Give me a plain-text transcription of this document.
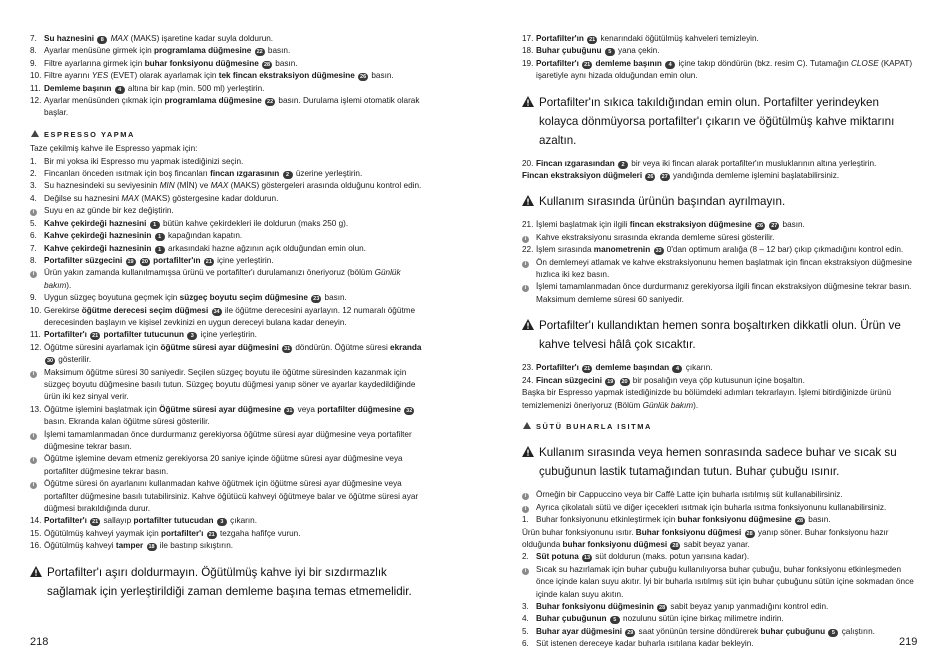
7. Su haznesini 8 MAX (MAKS) işaretine kadar suyla doldurun.
8. Ayarlar menüsüne girmek için programlama düğmesine 22 basın.
9. Filtre ayarlarına girmek için buhar fonksiyonu düğmesine 28 basın.
10. Filtre ayarını YES (EVET) olarak ayarlamak için tek fincan ekstraksiyon düğmesine 26 basın.
11. Demleme başının 4 altına bir kap (min. 500 ml) yerleştirin.
12. Ayarlar menüsünden çıkmak için programlama düğmesine 22 basın. Durulama işlemi otomatik olarak başlar.
ESPRESSO YAPMA
Taze çekilmiş kahve ile Espresso yapmak için:
1. Bir mi yoksa iki Espresso mu yapmak istediğinizi seçin.
2. Fincanları önceden ısıtmak için boş fincanları fincan ızgarasının 2 üzerine yerleştirin.
3. Su haznesindeki su seviyesinin MIN (MİN) ve MAX (MAKS) göstergeleri arasında olduğunu kontrol edin.
4. Değilse su haznesini MAX (MAKS) göstergesine kadar doldurun.
i	Suyu en az günde bir kez değiştirin.
5. Kahve çekirdeği haznesini 1 bütün kahve çekirdekleri ile doldurun (maks 250 g).
6. Kahve çekirdeği haznesinin 1 kapağından kapatın.
7. Kahve çekirdeği haznesinin 1 arkasındaki hazne ağzının açık olduğundan emin olun.
8. Portafilter süzgecini 19 20 portafilter'ın 21 içine yerleştirin.
i	Ürün yakın zamanda kullanılmamışsa ürünü ve portafilter'ı durulamanızı öneriyoruz (bölüm Günlük bakım).
9. Uygun süzgeç boyutuna geçmek için süzgeç boyutu seçim düğmesine 23 basın.
10. Gerekirse öğütme derecesi seçim düğmesi 34 ile öğütme derecesini ayarlayın. 12 numaralı öğütme derecesinden başlayın ve kişisel zevkinizi en uygun dereceyi bulana kadar deneyin.
11. Portafilter'ı 21 portafilter tutucunun 3 içine yerleştirin.
12. Öğütme süresini ayarlamak için öğütme süresi ayar düğmesini 31 döndürün. Öğütme süresi ekranda 30 gösterilir.
i	Maksimum öğütme süresi 30 saniyedir. Seçilen süzgeç boyutu ile öğütme süresinden kazanmak için süzgeç boyutu düğmesine basılı tutun. Süzgeç boyutu düğmesi yanıp söner ve ayarlar kaydedildiğinde ürün iki kez sinyal verir.
13. Öğütme işlemini başlatmak için Öğütme süresi ayar düğmesine 31 veya portafilter düğmesine 32 basın. Ekranda kalan öğütme süresi gösterilir.
i	İşlemi tamamlanmadan önce durdurmanız gerekiyorsa öğütme süresi ayar düğmesine veya portafilter düğmesine tekrar basın.
i	Öğütme işlemine devam etmeniz gerekiyorsa 20 saniye içinde öğütme süresi ayar düğmesine veya portafilter düğmesine tekrar basın.
i	Öğütme süresi ön ayarlanını kullanmadan kahve öğütmek için öğütme süresi ayar düğmesine veya portafilter düğmesine basılı tutabilirsiniz. Kahve öğütücü kahveyi öğütmeye balar ve öğütme süresi ayar düğmesi bırakıldığında durur.
14. Portafilter'ı 21 sallayıp portafilter tutucudan 3 çıkarın.
15. Öğütülmüş kahveyi yaymak için portafilter'ı 21 tezgaha hafifçe vurun.
16. Öğütülmüş kahveyi tamper 18 ile bastırıp sıkıştırın.
Portafilter'ı aşırı doldurmayın. Öğütülmüş kahve iyi bir sızdırmazlık sağlamak için yerleştirildiği zaman demleme başına temas etmemelidir.
17. Portafilter'ın 21 kenarındaki öğütülmüş kahveleri temizleyin.
18. Buhar çubuğunu 5 yana çekin.
19. Portafilter'ı 21 demleme başının 4 içine takıp döndürün (bkz. resim C). Tutamağın CLOSE (KAPAT) işaretiyle aynı hizada olduğundan emin olun.
Portafilter'ın sıkıca takıldığından emin olun. Portafilter yerindeyken kolayca dönmüyorsa portafilter'ı çıkarın ve öğütülmüş kahve miktarını azaltın.
20. Fincan ızgarasından 2 bir veya iki fincan alarak portafilter'ın musluklarının altına yerleştirin.
Fincan ekstraksiyon düğmeleri 26 27 yandığında demleme işlemini başlatabilirsiniz.
Kullanım sırasında ürünün başından ayrılmayın.
21. İşlemi başlatmak için ilgili fincan ekstraksiyon düğmesine 26 27 basın.
i	Kahve ekstraksiyonu sırasında ekranda demleme süresi gösterilir.
22. İşlem sırasında manometrenin 33 0'dan optimum aralığa (8 – 12 bar) çıkıp çıkmadığını kontrol edin.
i	Ön demlemeyi atlamak ve kahve ekstraksiyonunu hemen başlatmak için fincan ekstraksiyon düğmesine hızlıca iki kez basın.
i	İşlemi tamamlanmadan önce durdurmanız gerekiyorsa ilgili fincan ekstraksiyon düğmesine tekrar basın. Maksimum demleme süresi 60 saniyedir.
Portafilter'ı kullandıktan hemen sonra boşaltırken dikkatli olun. Ürün ve kahve telvesi hâlâ çok sıcaktır.
23. Portafilter'ı 21 demleme başından 4 çıkarın.
24. Fincan süzgecini 19 20 bir posalığın veya çöp kutusunun içine boşaltın.
Başka bir Espresso yapmak istediğinizde bu bölümdeki adımları tekrarlayın. İşlemi bitirdiğinizde ürünü temizlemenizi öneriyoruz (Bölüm Günlük bakım).
SÜTÜ BUHARLA ISITMA
Kullanım sırasında veya hemen sonrasında sadece buhar ve sıcak su çubuğunun lastik tutamağından tutun. Buhar çubuğu ısınır.
i	Örneğin bir Cappuccino veya bir Caffè Latte için buharla ısıtılmış süt kullanabilirsiniz.
i	Ayrıca çikolatalı sütü ve diğer içecekleri ısıtmak için buharla ısıtma fonksiyonunu kullanabilirsiniz.
1. Buhar fonksiyonunu etkinleştirmek için buhar fonksiyonu düğmesine 28 basın.
Ürün buhar fonksiyonunu ısıtır. Buhar fonksiyonu düğmesi 28 yanıp söner. Buhar fonksiyonu hazır olduğunda buhar fonksiyonu düğmesi 28 sabit beyaz yanar.
2. Süt potuna 13 süt doldurun (maks. potun yarısına kadar).
i	Sıcak su hazırlamak için buhar çubuğu kullanılıyorsa buhar çubuğu, buhar fonksiyonu etkinleşmeden önce içinde kalan suyu akıtır. İyi bir buharla ısıtılmış süt için buhar çubuğunu sütün içine sokmadan önce içinde kalan suyu akıtın.
3. Buhar fonksiyonu düğmesinin 28 sabit beyaz yanıp yanmadığını kontrol edin.
4. Buhar çubuğunun 5 nozulunu sütün içine birkaç milimetre indirin.
5. Buhar ayar düğmesini 29 saat yönünün tersine döndürerek buhar çubuğunu 5 çalıştırın.
6. Süt istenen dereceye kadar buharla ısıtılana kadar bekleyin.
218	219
